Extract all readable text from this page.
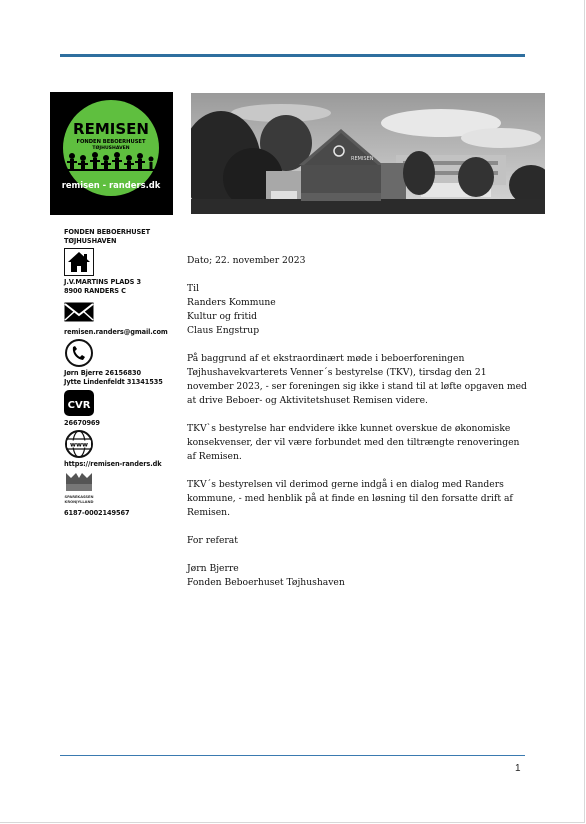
REMISEN
FONDEN BEBOERHUSET
TØJHUSHAVEN
remisen - randers.dk
REMISEN
FONDEN BEBOERHUSET
TØJHUSHAVEN
J.V.MARTINS PLADS 3
8900 RANDERS C
remisen.randers@gmail.com
Jørn Bjerre 26156830
Jytte Lindenfeldt 31341535
CVR
26670969
www
https://remisen-randers.dk
SPAREKASSEN
KRONJYLLAND
6187-0002149567

Dato; 22. november 2023

Til

Randers Kommune

Kultur og fritid

Claus Engstrup

På baggrund af et ekstraordinært møde i beboerforeningen

Tøjhushavekvarterets Venner´s bestyrelse (TKV), tirsdag den 21

november 2023, - ser foreningen sig ikke i stand til at løfte opgaven med

at drive Beboer- og Aktivitetshuset Remisen videre.

TKV`s bestyrelse har endvidere ikke kunnet overskue de økonomiske

konsekvenser, der vil være forbundet med den tiltrængte renoveringen

af Remisen.

TKV´s bestyrelsen vil derimod gerne indgå i en dialog med Randers

kommune, - med henblik på at finde en løsning til den forsatte drift af

Remisen.

For referat

Jørn Bjerre

Fonden Beboerhuset Tøjhushaven

1
